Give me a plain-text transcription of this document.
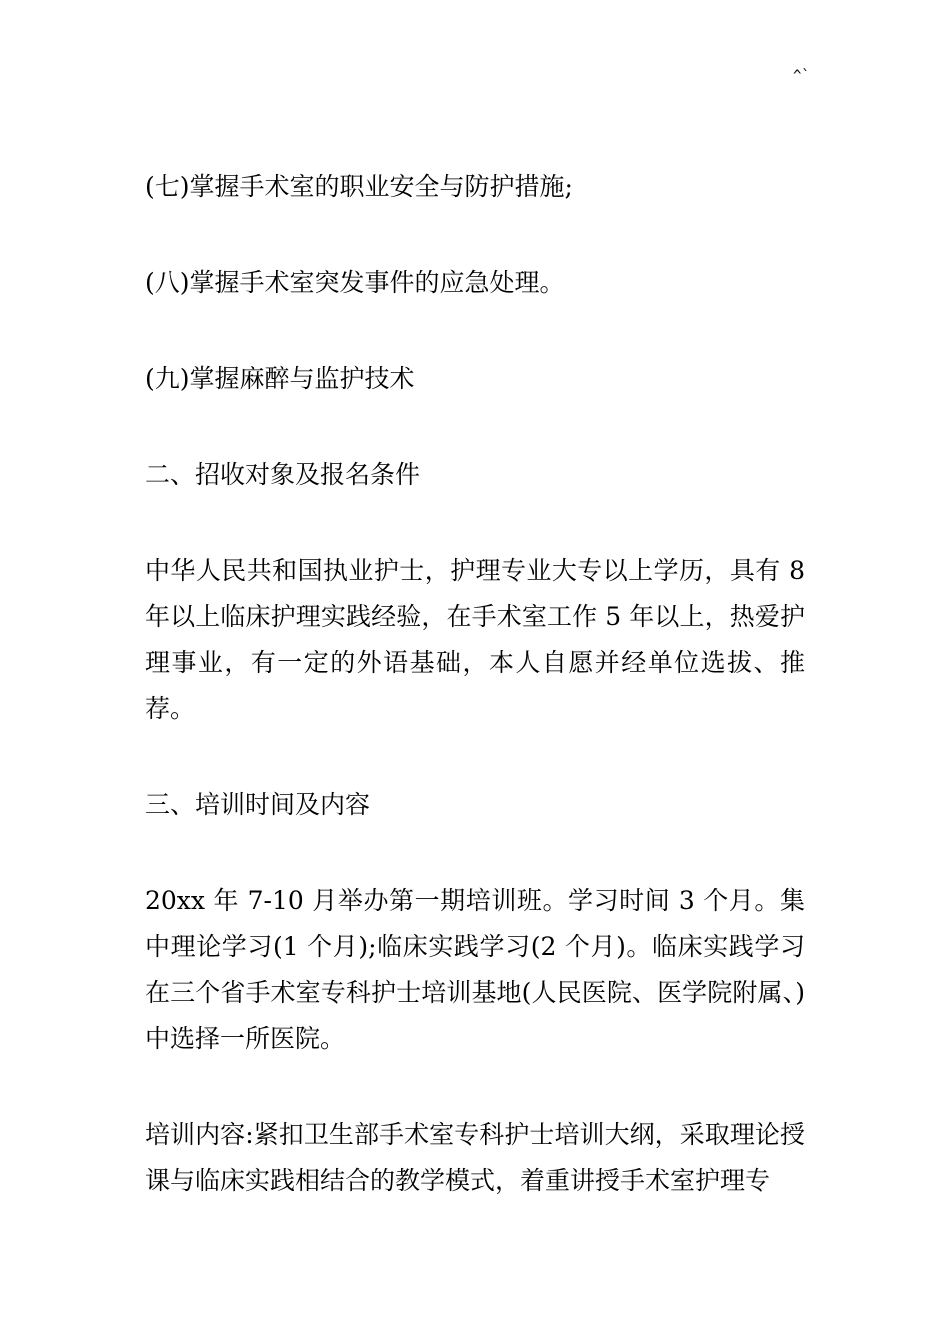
^`

(七)掌握手术室的职业安全与防护措施;

(八)掌握手术室突发事件的应急处理。

(九)掌握麻醉与监护技术

二、招收对象及报名条件

中华人民共和国执业护士，护理专业大专以上学历，具有 8 年以上临床护理实践经验，在手术室工作 5 年以上，热爱护理事业，有一定的外语基础，本人自愿并经单位选拔、推荐。

三、培训时间及内容

20xx 年 7-10 月举办第一期培训班。学习时间 3 个月。集中理论学习(1 个月);临床实践学习(2 个月)。临床实践学习在三个省手术室专科护士培训基地(人民医院、医学院附属、)中选择一所医院。

培训内容:紧扣卫生部手术室专科护士培训大纲，采取理论授课与临床实践相结合的教学模式，着重讲授手术室护理专
